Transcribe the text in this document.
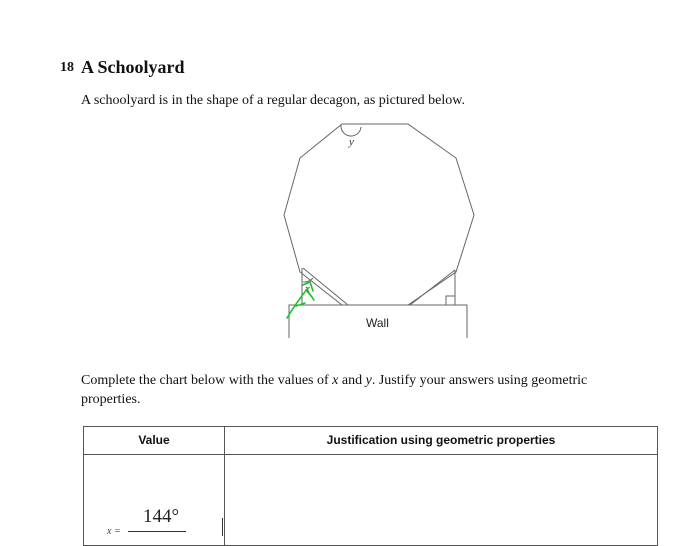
18 A Schoolyard
A schoolyard is in the shape of a regular decagon, as pictured below.
y
x
Wall
Complete the chart below with the values of x and y. Justify your answers using geometric properties.
Value	Justification using geometric properties
144°
x =
